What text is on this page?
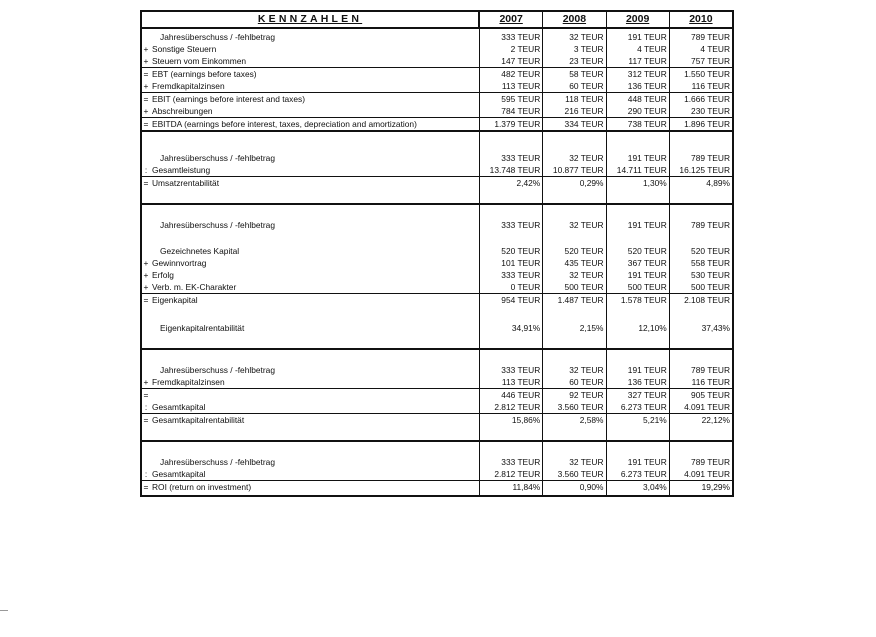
KENNZAHLEN	2007	2008	2009	2010
Jahresüberschuss / -fehlbetrag	333 TEUR	32 TEUR	191 TEUR	789 TEUR
+ Sonstige Steuern	2 TEUR	3 TEUR	4 TEUR	4 TEUR
+ Steuern vom Einkommen	147 TEUR	23 TEUR	117 TEUR	757 TEUR
= EBT (earnings before taxes)	482 TEUR	58 TEUR	312 TEUR	1.550 TEUR
+ Fremdkapitalzinsen	113 TEUR	60 TEUR	136 TEUR	116 TEUR
= EBIT (earnings before interest and taxes)	595 TEUR	118 TEUR	448 TEUR	1.666 TEUR
+ Abschreibungen	784 TEUR	216 TEUR	290 TEUR	230 TEUR
= EBITDA (earnings before interest, taxes, depreciation and amortization)	1.379 TEUR	334 TEUR	738 TEUR	1.896 TEUR
Jahresüberschuss / -fehlbetrag	333 TEUR	32 TEUR	191 TEUR	789 TEUR
: Gesamtleistung	13.748 TEUR	10.877 TEUR	14.711 TEUR	16.125 TEUR
= Umsatzrentabilität	2,42%	0,29%	1,30%	4,89%
Jahresüberschuss / -fehlbetrag	333 TEUR	32 TEUR	191 TEUR	789 TEUR
Gezeichnetes Kapital	520 TEUR	520 TEUR	520 TEUR	520 TEUR
+ Gewinnvortrag	101 TEUR	435 TEUR	367 TEUR	558 TEUR
+ Erfolg	333 TEUR	32 TEUR	191 TEUR	530 TEUR
+ Verb. m. EK-Charakter	0 TEUR	500 TEUR	500 TEUR	500 TEUR
= Eigenkapital	954 TEUR	1.487 TEUR	1.578 TEUR	2.108 TEUR
Eigenkapitalrentabilität	34,91%	2,15%	12,10%	37,43%
Jahresüberschuss / -fehlbetrag	333 TEUR	32 TEUR	191 TEUR	789 TEUR
+ Fremdkapitalzinsen	113 TEUR	60 TEUR	136 TEUR	116 TEUR
=	446 TEUR	92 TEUR	327 TEUR	905 TEUR
: Gesamtkapital	2.812 TEUR	3.560 TEUR	6.273 TEUR	4.091 TEUR
= Gesamtkapitalrentabilität	15,86%	2,58%	5,21%	22,12%
Jahresüberschuss / -fehlbetrag	333 TEUR	32 TEUR	191 TEUR	789 TEUR
: Gesamtkapital	2.812 TEUR	3.560 TEUR	6.273 TEUR	4.091 TEUR
= ROI (return on investment)	11,84%	0,90%	3,04%	19,29%
